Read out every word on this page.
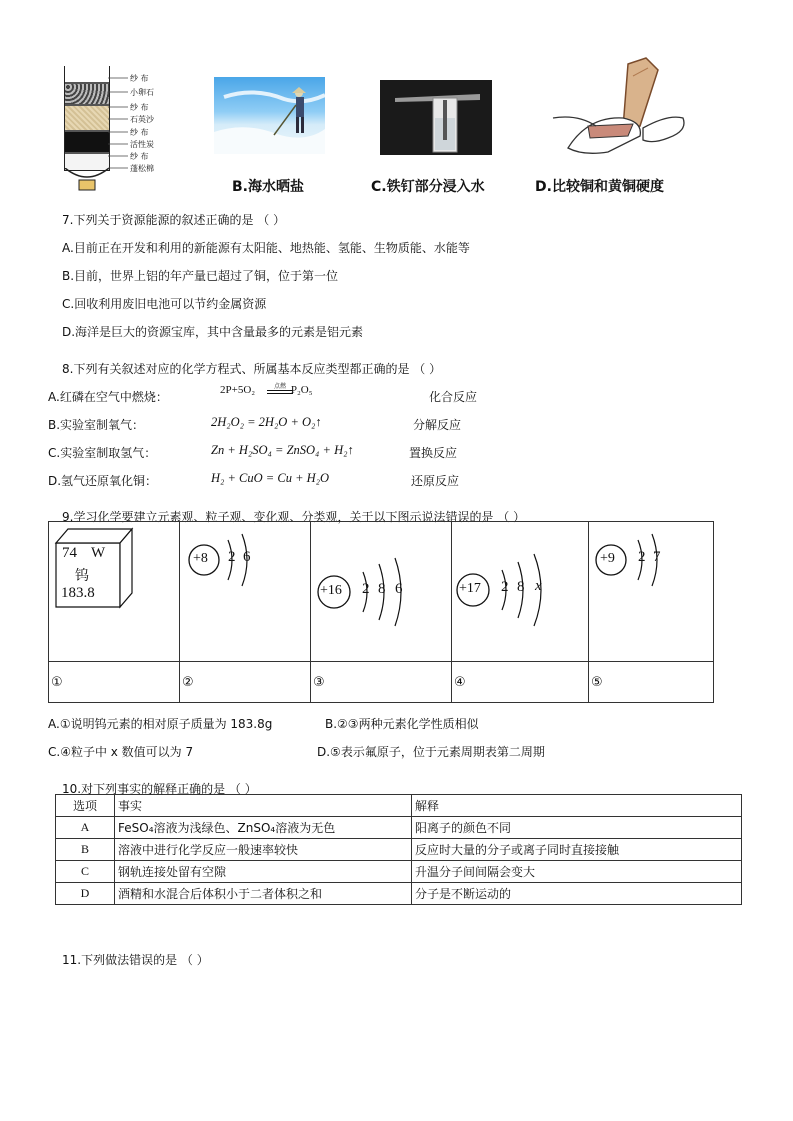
纱 布
小卵石
纱 布
石英沙
纱 布
活性炭
纱 布
蓬松棉
B.海水晒盐	C.铁钉部分浸入水	D.比较铜和黄铜硬度
7.下列关于资源能源的叙述正确的是 （ ）
A.目前正在开发和利用的新能源有太阳能、地热能、氢能、生物质能、水能等
B.目前，世界上铝的年产量已超过了铜，位于第一位
C.回收利用废旧电池可以节约金属资源
D.海洋是巨大的资源宝库，其中含量最多的元素是铝元素
8.下列有关叙述对应的化学方程式、所属基本反应类型都正确的是 （ ）
A.红磷在空气中燃烧：	2P+5O₂	点燃 P₂O₅	化合反应
B.实验室制氧气：	2H₂O₂ = 2H₂O + O₂↑	分解反应
C.实验室制取氢气：	Zn + H₂SO₄ = ZnSO₄ + H₂↑	置换反应
D.氢气还原氧化铜：	H₂ + CuO = Cu + H₂O	还原反应
9.学习化学要建立元素观、粒子观、变化观、分类观，关于以下图示说法错误的是 （ ）
74 W
钨
183.8	+8 2 6	+16 2 8 6	+17 2 8 x	+9 2 7

①	②	③	④	⑤
A.①说明钨元素的相对原子质量为 183.8g	B.②③两种元素化学性质相似
C.④粒子中 x 数值可以为 7	D.⑤表示氟原子，位于元素周期表第二周期
10.对下列事实的解释正确的是 （ ）
选项	事实	解释
A	FeSO₄溶液为浅绿色、ZnSO₄溶液为无色	阳离子的颜色不同
B	溶液中进行化学反应一般速率较快	反应时大量的分子或离子同时直接接触
C	钢轨连接处留有空隙	升温分子间间隔会变大
D	酒精和水混合后体积小于二者体积之和	分子是不断运动的
11.下列做法错误的是 （ ）
